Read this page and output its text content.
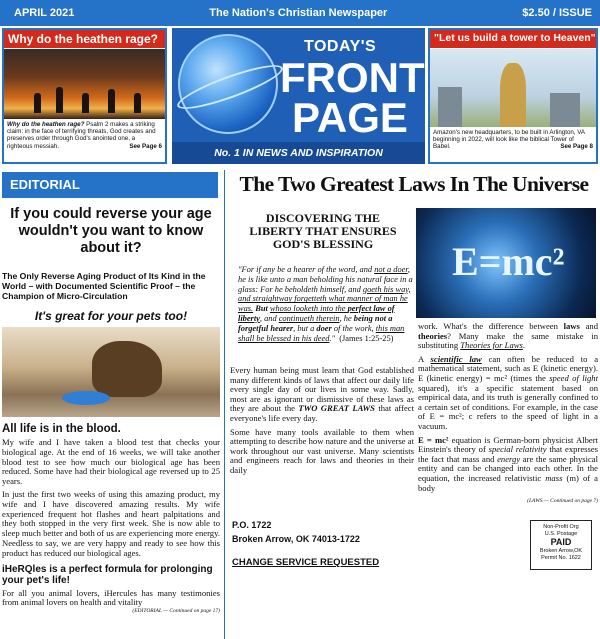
APRIL 2021	The Nation's Christian Newspaper	$2.50 / ISSUE
Why do the heathen rage?
Why do the heathen rage? Psalm 2 makes a striking claim: in the face of terrifying threats, God creates and preserves order through God's anointed one, a righteous messiah.	See Page 6
TODAY'S
FRONT
PAGE
No. 1 IN NEWS AND INSPIRATION
"Let us build a tower to Heaven"
Amazon's new headquarters, to be built in Arlington, VA beginning in 2022, will look like the biblical Tower of Babel.	See Page 8
EDITORIAL
If you could reverse your age wouldn't you want to know about it?
The Only Reverse Aging Product of Its Kind in the World – with Documented Scientific Proof – the Champion of Micro-Circulation
It's great for your pets too!
All life is in the blood.

My wife and I have taken a blood test that checks your biological age. At the end of 16 weeks, we will take another blood test to see how much our biological age has been reduced. Some have had their biological age reversed up to 25 years.

In just the first two weeks of using this amazing product, my wife and I have discovered amazing results. My wife experienced frequent hot flashes and heart palpitations and they both stopped in the very first week. She is now able to sleep much better and both of us are experiencing more energy. Needless to say, we are very happy and ready to see how this product has reduced our biological ages.

iHeRQles is a perfect formula for prolonging your pet's life!

For all you animal lovers, iHercules has many testimonies from animal lovers on health and vitality

(EDITORIAL — Continued on page 17)
The Two Greatest Laws In The Universe
DISCOVERING THE LIBERTY THAT ENSURES GOD'S BLESSING	E=mc²
"For if any be a hearer of the word, and not a doer, he is like unto a man beholding his natural face in a glass: For he beholdeth himself, and goeth his way, and straightway forgetteth what manner of man he was. But whoso looketh into the perfect law of liberty, and continueth therein, he being not a forgetful hearer, but a doer of the work, this man shall be blessed in his deed." (James 1:25-25)

Every human being must learn that God established many different kinds of laws that affect our daily life every single day of our lives in some way. Sadly, most are as ignorant or dismissive of these laws as they are about the TWO GREAT LAWS that affect everyone's life every day.

Some have many tools available to them when attempting to describe how nature and the universe at work throughout our vast universe. Many scientists and engineers reach for laws and theories in their daily

work. What's the difference between laws and theories? Many make the same mistake in substituting Theories for Laws.

A scientific law can often be reduced to a mathematical statement, such as E (kinetic energy). E (kinetic energy) = mc² (times the speed of light squared), it's a specific statement based on empirical data, and its truth is generally confined to a certain set of conditions. For example, in the case of E = mc²; c refers to the speed of light in a vacuum.

E = mc² equation is German-born physicist Albert Einstein's theory of special relativity that expresses the fact that mass and energy are the same physical entity and can be changed into each other. In the equation, the increased relativistic mass (m) of a body

(LAWS — Continued on page 7)
P.O. 1722
Broken Arrow, OK 74013-1722
CHANGE SERVICE REQUESTED
Non-Profit Org
U.S. Postage
PAID
Broken Arrow,OK
Permit No. 1622
